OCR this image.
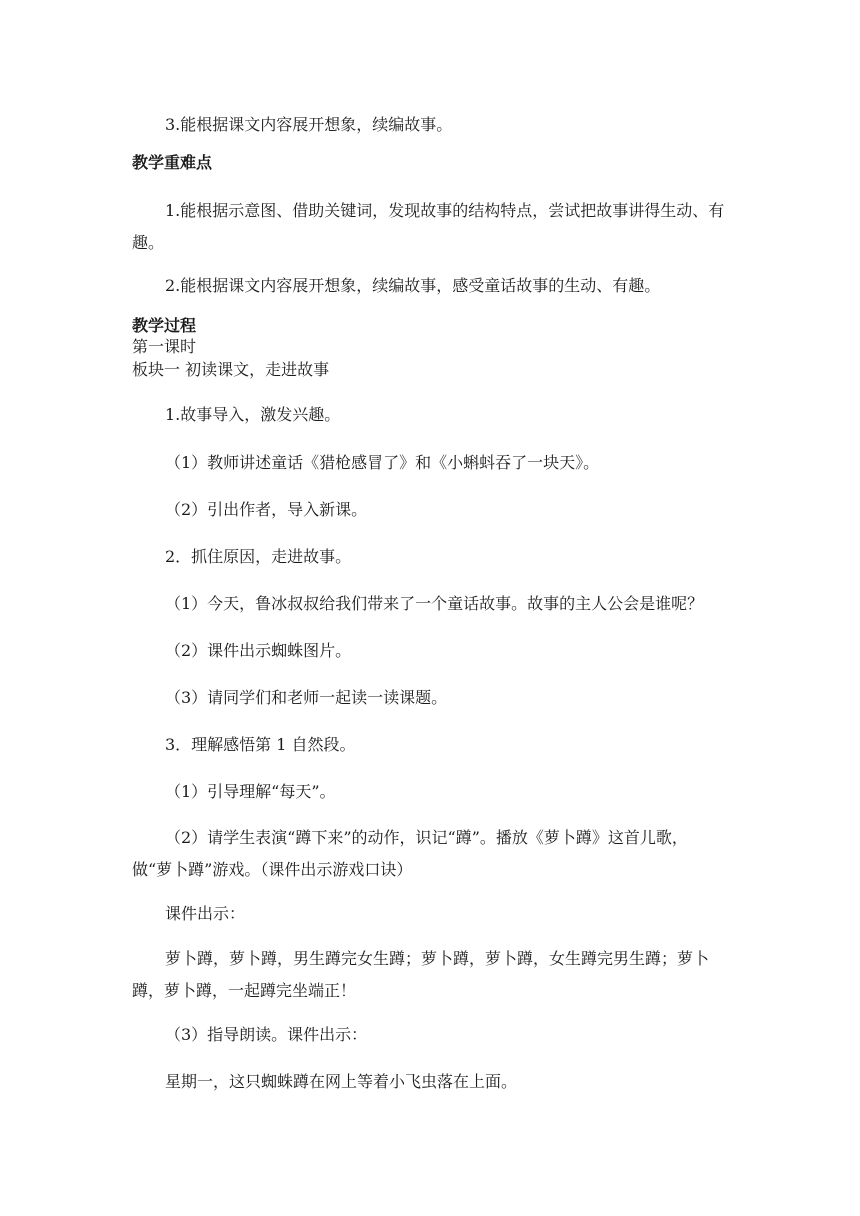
3.能根据课文内容展开想象，续编故事。
教学重难点
1.能根据示意图、借助关键词，发现故事的结构特点，尝试把故事讲得生动、有趣。
2.能根据课文内容展开想象，续编故事，感受童话故事的生动、有趣。
教学过程
第一课时
板块一 初读课文，走进故事
1.故事导入，激发兴趣。
（1）教师讲述童话《猎枪感冒了》和《小蝌蚪吞了一块天》。
（2）引出作者，导入新课。
2．抓住原因，走进故事。
（1）今天，鲁冰叔叔给我们带来了一个童话故事。故事的主人公会是谁呢？
（2）课件出示蜘蛛图片。
（3）请同学们和老师一起读一读课题。
3．理解感悟第 1 自然段。
（1）引导理解“每天”。
（2）请学生表演“蹲下来”的动作，识记“蹲”。播放《萝卜蹲》这首儿歌，做“萝卜蹲”游戏。（课件出示游戏口诀）
课件出示：
萝卜蹲，萝卜蹲，男生蹲完女生蹲；萝卜蹲，萝卜蹲，女生蹲完男生蹲；萝卜蹲，萝卜蹲，一起蹲完坐端正！
（3）指导朗读。课件出示：
星期一，这只蜘蛛蹲在网上等着小飞虫落在上面。
